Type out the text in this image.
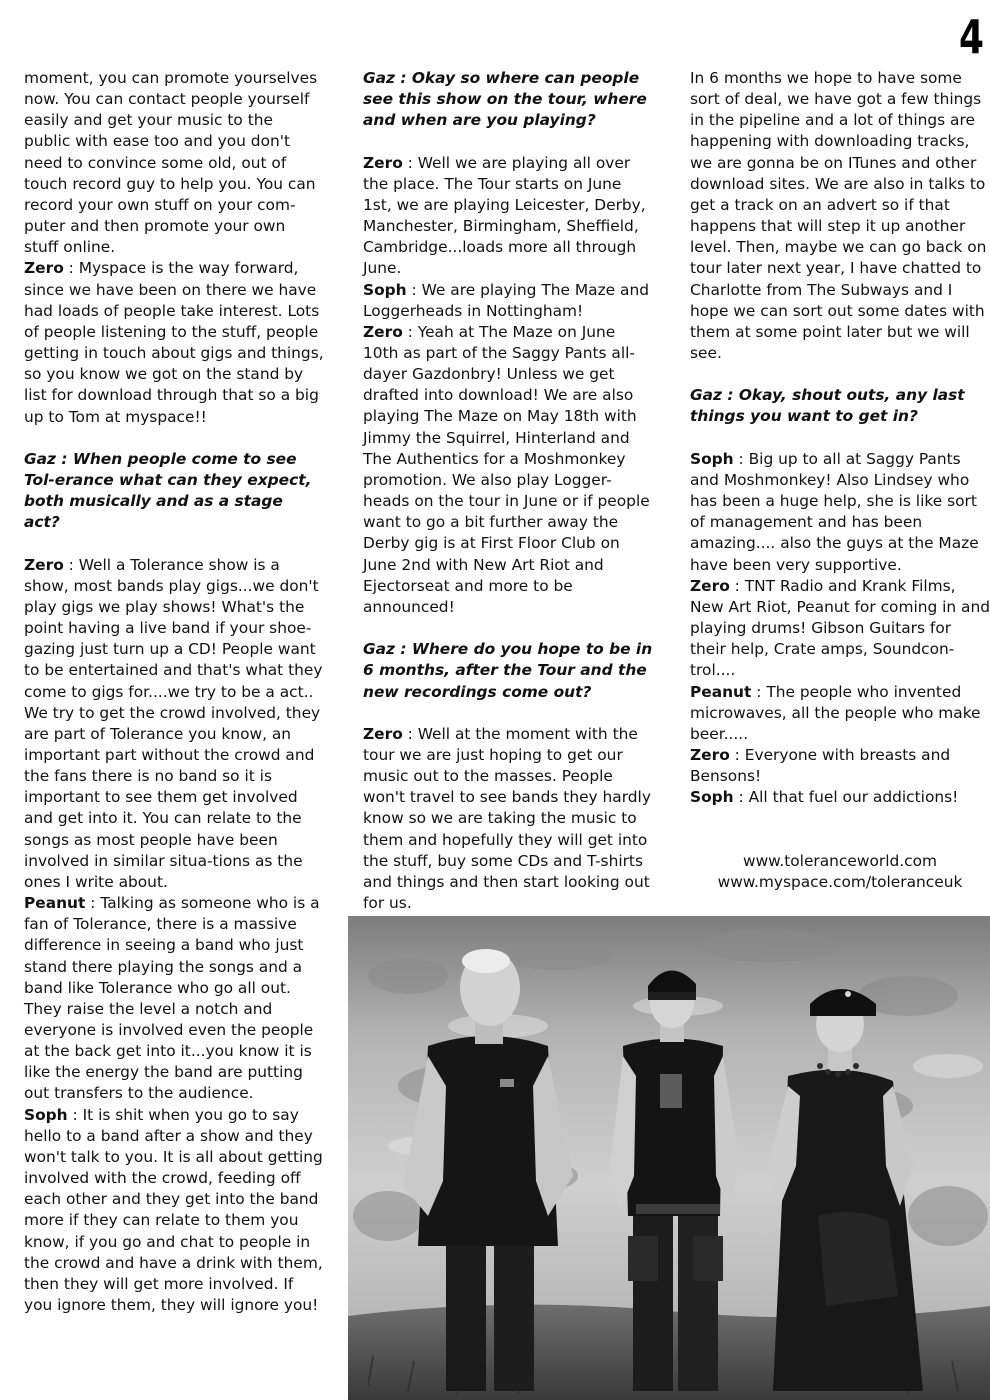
4

moment, you can promote yourselves now. You can contact people yourself easily and get your music to the public with ease too and you don't need to convince some old, out of touch record guy to help you. You can record your own stuff on your com-puter and then promote your own stuff online.

Zero : Myspace is the way forward, since we have been on there we have had loads of people take interest. Lots of people listening to the stuff, people getting in touch about gigs and things, so you know we got on the stand by list for download through that so a big up to Tom at myspace!!

Gaz : When people come to see Tol-erance what can they expect, both musically and as a stage act?

Zero : Well a Tolerance show is a show, most bands play gigs...we don't play gigs we play shows! What's the point having a live band if your shoe-gazing just turn up a CD! People want to be entertained and that's what they come to gigs for....we try to be a act.. We try to get the crowd involved, they are part of Tolerance you know, an important part without the crowd and the fans there is no band so it is important to see them get involved and get into it. You can relate to the songs as most people have been involved in similar situa-tions as the ones I write about.

Peanut : Talking as someone who is a fan of Tolerance, there is a massive difference in seeing a band who just stand there playing the songs and a band like Tolerance who go all out. They raise the level a notch and everyone is involved even the people at the back get into it...you know it is like the energy the band are putting out transfers to the audience.

Soph : It is shit when you go to say hello to a band after a show and they won't talk to you. It is all about getting involved with the crowd, feeding off each other and they get into the band more if they can relate to them you know, if you go and chat to people in the crowd and have a drink with them, then they will get more involved. If you ignore them, they will ignore you!

Gaz : Okay so where can people see this show on the tour, where and when are you playing?

Zero : Well we are playing all over the place. The Tour starts on June 1st, we are playing Leicester, Derby, Manchester, Birmingham, Sheffield, Cambridge...loads more all through June.

Soph : We are playing The Maze and Loggerheads in Nottingham!

Zero : Yeah at The Maze on June 10th as part of the Saggy Pants all-dayer Gazdonbry! Unless we get drafted into download! We are also playing The Maze on May 18th with Jimmy the Squirrel, Hinterland and The Authentics for a Moshmonkey promotion. We also play Logger-heads on the tour in June or if people want to go a bit further away the Derby gig is at First Floor Club on June 2nd with New Art Riot and Ejectorseat and more to be announced!

Gaz : Where do you hope to be in 6 months, after the Tour and the new recordings come out?

Zero : Well at the moment with the tour we are just hoping to get our music out to the masses. People won't travel to see bands they hardly know so we are taking the music to them and hopefully they will get into the stuff, buy some CDs and T-shirts and things and then start looking out for us.

In 6 months we hope to have some sort of deal, we have got a few things in the pipeline and a lot of things are happening with downloading tracks, we are gonna be on ITunes and other download sites. We are also in talks to get a track on an advert so if that happens that will step it up another level. Then, maybe we can go back on tour later next year, I have chatted to Charlotte from The Subways and I hope we can sort out some dates with them at some point later but we will see.

Gaz : Okay, shout outs, any last things you want to get in?

Soph : Big up to all at Saggy Pants and Moshmonkey! Also Lindsey who has been a huge help, she is like sort of management and has been amazing.... also the guys at the Maze have been very supportive.

Zero : TNT Radio and Krank Films, New Art Riot, Peanut for coming in and playing drums! Gibson Guitars for their help, Crate amps, Soundcon-trol....

Peanut : The people who invented microwaves, all the people who make beer.....

Zero : Everyone with breasts and Bensons!

Soph : All that fuel our addictions!

www.toleranceworld.com
www.myspace.com/toleranceuk
